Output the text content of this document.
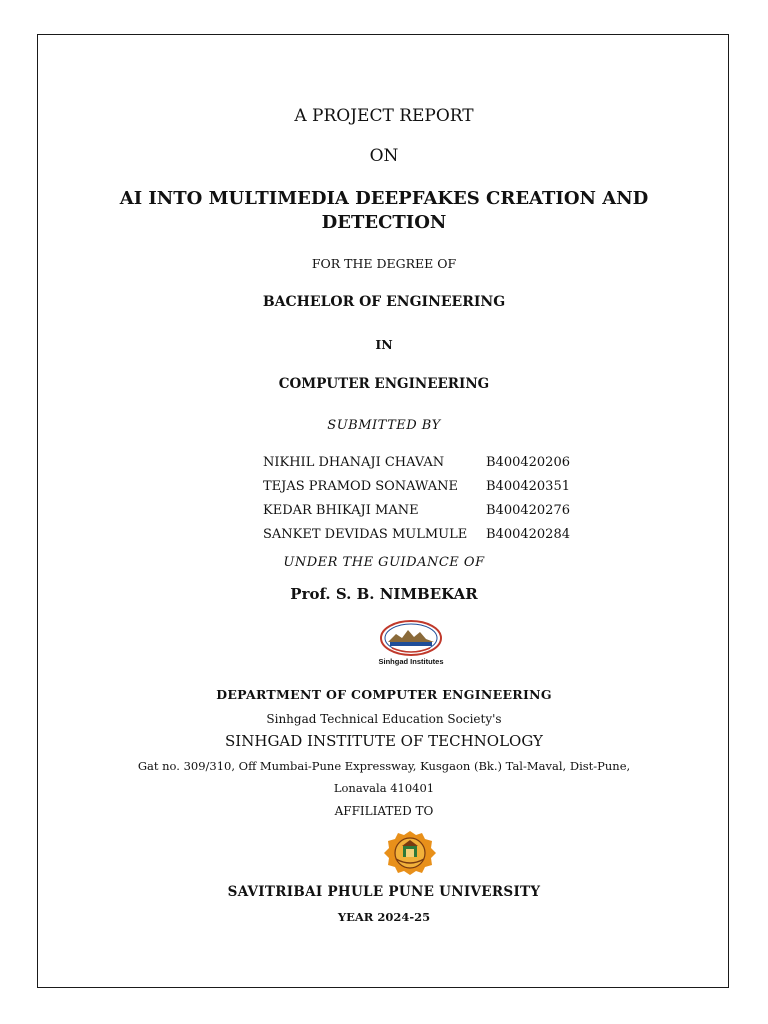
A PROJECT REPORT
ON
AI INTO MULTIMEDIA DEEPFAKES CREATION AND
DETECTION
FOR THE DEGREE OF
BACHELOR OF ENGINEERING
IN
COMPUTER ENGINEERING
SUBMITTED BY
NIKHIL DHANAJI CHAVAN	B400420206
TEJAS PRAMOD SONAWANE	B400420351
KEDAR BHIKAJI MANE	B400420276
SANKET DEVIDAS MULMULE	B400420284
UNDER THE GUIDANCE OF
Prof. S. B. NIMBEKAR
Sinhgad Institutes
DEPARTMENT OF COMPUTER ENGINEERING
Sinhgad Technical Education Society's
SINHGAD INSTITUTE OF TECHNOLOGY
Gat no. 309/310, Off Mumbai-Pune Expressway, Kusgaon (Bk.) Tal-Maval, Dist-Pune,
Lonavala 410401
AFFILIATED TO
SAVITRIBAI PHULE PUNE UNIVERSITY
YEAR 2024-25
